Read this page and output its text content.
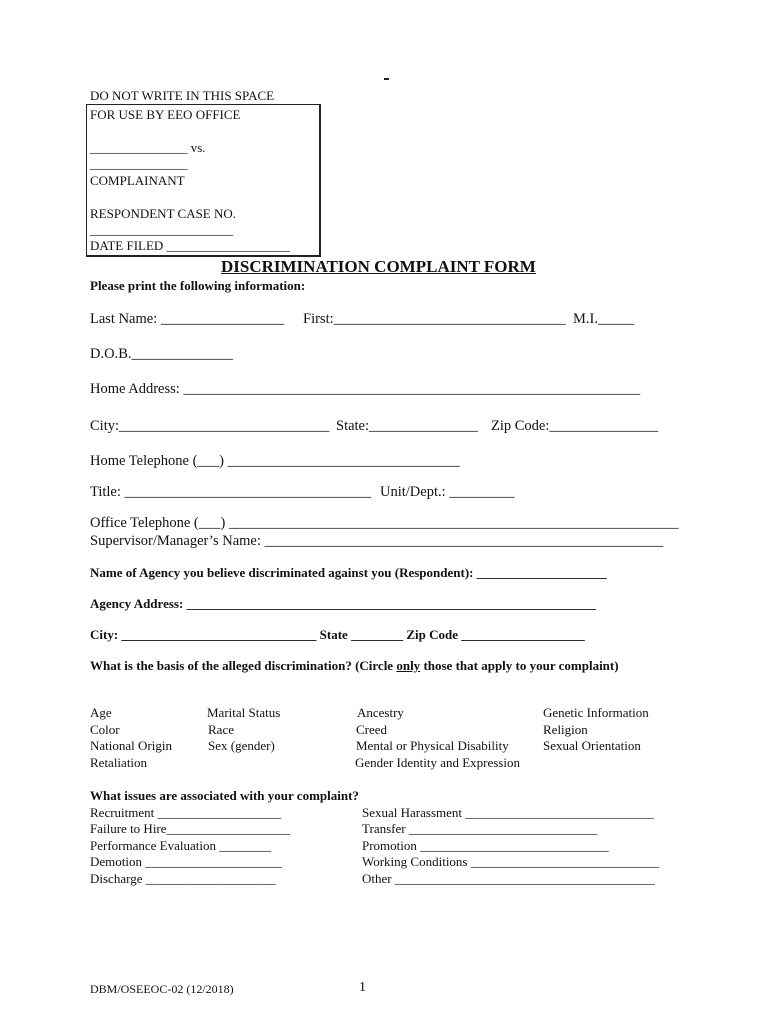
DO NOT WRITE IN THIS SPACE
FOR USE BY EEO OFFICE
_______________ vs.
_______________
COMPLAINANT
RESPONDENT CASE NO.
______________________
DATE FILED ___________________
DISCRIMINATION COMPLAINT FORM
Please print the following information:
Last Name: _________________ First:________________________________ M.I._____
D.O.B.______________
Home Address: _______________________________________________________________
City:_____________________________ State:_______________ Zip Code:_______________
Home Telephone (___) ________________________________
Title: __________________________________ Unit/Dept.: _________
Office Telephone (___) ______________________________________________________________
Supervisor/Manager’s Name: _______________________________________________________
Name of Agency you believe discriminated against you (Respondent): ____________________
Agency Address: _______________________________________________________________
City: ______________________________ State ________ Zip Code ___________________
What is the basis of the alleged discrimination? (Circle only those that apply to your complaint)
Age
Color
National Origin
Retaliation
Marital Status
Race
Sex (gender)
Ancestry
Creed
Mental or Physical Disability
Gender Identity and Expression
Genetic Information
Religion
Sexual Orientation
What issues are associated with your complaint?
Recruitment ___________________
Failure to Hire___________________
Performance Evaluation ________
Demotion _____________________
Discharge ____________________
Sexual Harassment _____________________________
Transfer _____________________________
Promotion _____________________________
Working Conditions _____________________________
Other ________________________________________
DBM/OSEEOC-02 (12/2018)	1
